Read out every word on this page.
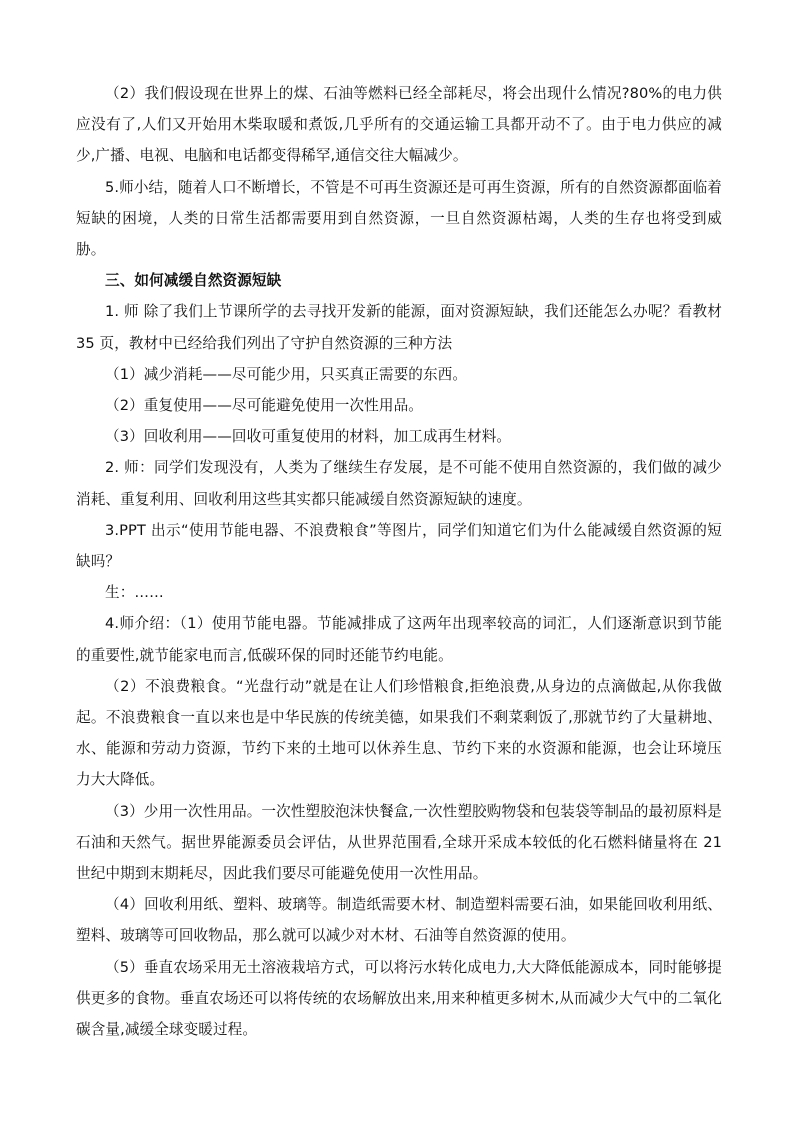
（2）我们假设现在世界上的煤、石油等燃料已经全部耗尽，将会出现什么情况?80%的电力供应没有了,人们又开始用木柴取暖和煮饭,几乎所有的交通运输工具都开动不了。由于电力供应的减少,广播、电视、电脑和电话都变得稀罕,通信交往大幅减少。

5.师小结，随着人口不断增长，不管是不可再生资源还是可再生资源，所有的自然资源都面临着短缺的困境，人类的日常生活都需要用到自然资源，一旦自然资源枯竭，人类的生存也将受到威胁。

三、如何减缓自然资源短缺

1. 师 除了我们上节课所学的去寻找开发新的能源，面对资源短缺，我们还能怎么办呢？看教材 35 页，教材中已经给我们列出了守护自然资源的三种方法

（1）减少消耗——尽可能少用，只买真正需要的东西。

（2）重复使用——尽可能避免使用一次性用品。

（3）回收利用——回收可重复使用的材料，加工成再生材料。

2. 师：同学们发现没有，人类为了继续生存发展，是不可能不使用自然资源的，我们做的减少消耗、重复利用、回收利用这些其实都只能减缓自然资源短缺的速度。

3.PPT 出示“使用节能电器、不浪费粮食”等图片，同学们知道它们为什么能减缓自然资源的短缺吗？

生：……

4.师介绍：（1）使用节能电器。节能减排成了这两年出现率较高的词汇，人们逐渐意识到节能的重要性,就节能家电而言,低碳环保的同时还能节约电能。

（2）不浪费粮食。“光盘行动”就是在让人们珍惜粮食,拒绝浪费,从身边的点滴做起,从你我做起。不浪费粮食一直以来也是中华民族的传统美德，如果我们不剩菜剩饭了,那就节约了大量耕地、水、能源和劳动力资源，节约下来的土地可以休养生息、节约下来的水资源和能源，也会让环境压力大大降低。

（3）少用一次性用品。一次性塑胶泡沫快餐盒,一次性塑胶购物袋和包装袋等制品的最初原料是石油和天然气。据世界能源委员会评估，从世界范围看,全球开采成本较低的化石燃料储量将在 21 世纪中期到末期耗尽，因此我们要尽可能避免使用一次性用品。

（4）回收利用纸、塑料、玻璃等。制造纸需要木材、制造塑料需要石油，如果能回收利用纸、塑料、玻璃等可回收物品，那么就可以减少对木材、石油等自然资源的使用。

（5）垂直农场采用无土溶液栽培方式，可以将污水转化成电力,大大降低能源成本，同时能够提供更多的食物。垂直农场还可以将传统的农场解放出来,用来种植更多树木,从而减少大气中的二氧化碳含量,减缓全球变暖过程。
